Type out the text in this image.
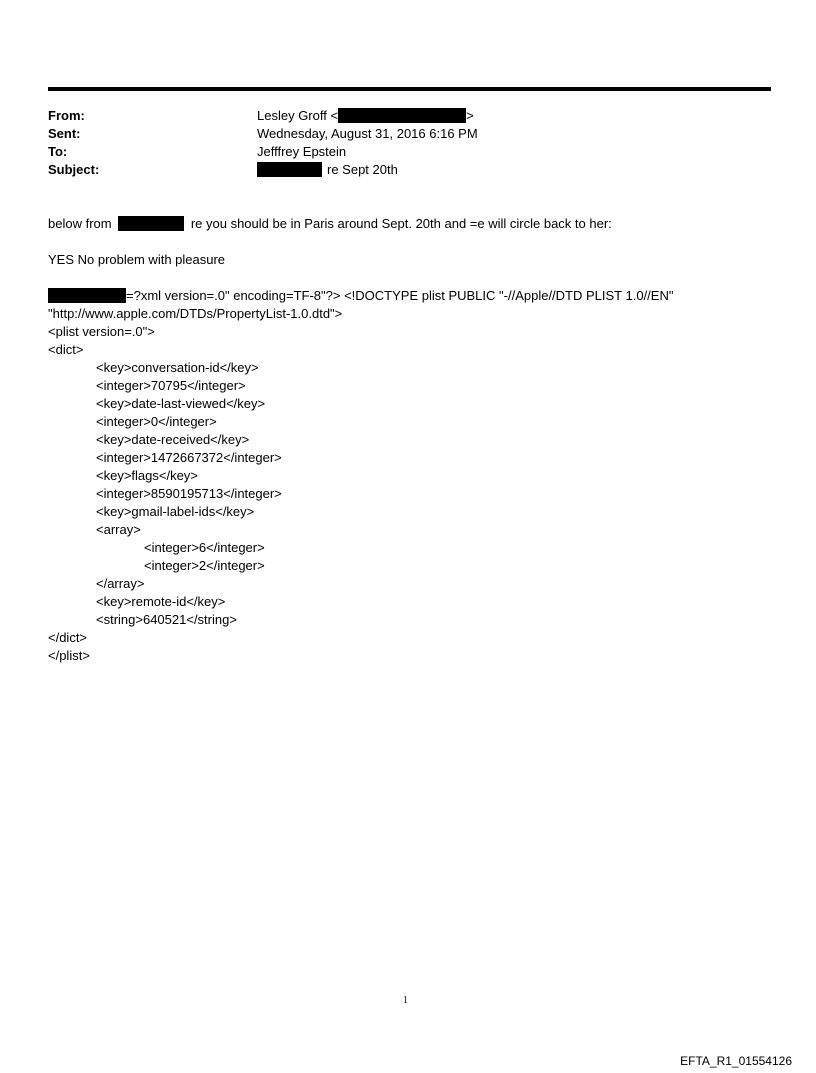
From:	Lesley Groff <	>
Sent:	Wednesday, August 31, 2016 6:16 PM
To:	Jefffrey Epstein
Subject:	re Sept 20th
below from	re you should be in Paris around Sept. 20th and =e will circle back to her:
YES No problem with pleasure
=?xml version=.0" encoding=TF-8"?> <!DOCTYPE plist PUBLIC "-//Apple//DTD PLIST 1.0//EN"
"http://www.apple.com/DTDs/PropertyList-1.0.dtd">
<plist version=.0">
<dict>
<key>conversation-id</key>
<integer>70795</integer>
<key>date-last-viewed</key>
<integer>0</integer>
<key>date-received</key>
<integer>1472667372</integer>
<key>flags</key>
<integer>8590195713</integer>
<key>gmail-label-ids</key>
<array>
<integer>6</integer>
<integer>2</integer>
</array>
<key>remote-id</key>
<string>640521</string>
</dict>
</plist>
1
EFTA_R1_01554126
